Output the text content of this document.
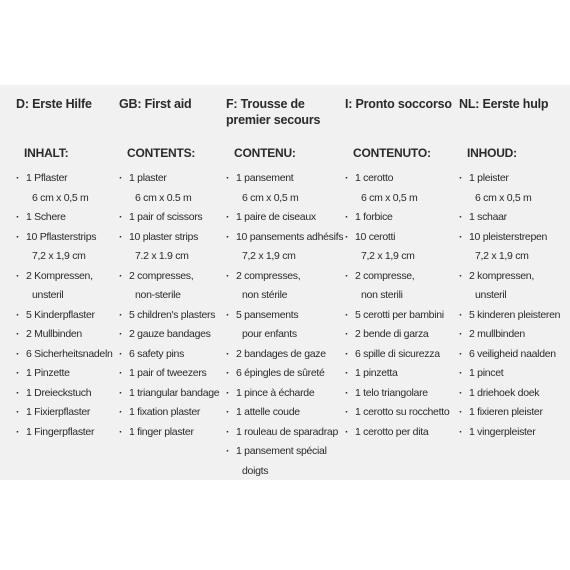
D: Erste Hilfe
INHALT:
· 1 Pflaster
6 cm x 0,5 m
· 1 Schere
· 10 Pflasterstrips
7,2 x 1,9 cm
· 2 Kompressen,
unsteril
· 5 Kinderpflaster
· 2 Mullbinden
· 6 Sicherheitsnadeln
· 1 Pinzette
· 1 Dreieckstuch
· 1 Fixierpflaster
· 1 Fingerpflaster
GB: First aid
CONTENTS:
· 1 plaster
6 cm x 0.5 m
· 1 pair of scissors
· 10 plaster strips
7.2 x 1.9 cm
· 2 compresses,
non-sterile
· 5 children's plasters
· 2 gauze bandages
· 6 safety pins
· 1 pair of tweezers
· 1 triangular bandage
· 1 fixation plaster
· 1 finger plaster
F: Trousse de
premier secours
CONTENU:
· 1 pansement
6 cm x 0,5 m
· 1 paire de ciseaux
· 10 pansements adhésifs
7,2 x 1,9 cm
· 2 compresses,
non stérile
· 5 pansements
pour enfants
· 2 bandages de gaze
· 6 épingles de sûreté
· 1 pince à écharde
· 1 attelle coude
· 1 rouleau de sparadrap
· 1 pansement spécial
doigts
I: Pronto soccorso
CONTENUTO:
· 1 cerotto
6 cm x 0,5 m
· 1 forbice
· 10 cerotti
7,2 x 1,9 cm
· 2 compresse,
non sterili
· 5 cerotti per bambini
· 2 bende di garza
· 6 spille di sicurezza
· 1 pinzetta
· 1 telo triangolare
· 1 cerotto su rocchetto
· 1 cerotto per dita
NL: Eerste hulp
INHOUD:
· 1 pleister
6 cm x 0,5 m
· 1 schaar
· 10 pleisterstrepen
7,2 x 1,9 cm
· 2 kompressen,
unsteril
· 5 kinderen pleisteren
· 2 mullbinden
· 6 veiligheid naalden
· 1 pincet
· 1 driehoek doek
· 1 fixieren pleister
· 1 vingerpleister
